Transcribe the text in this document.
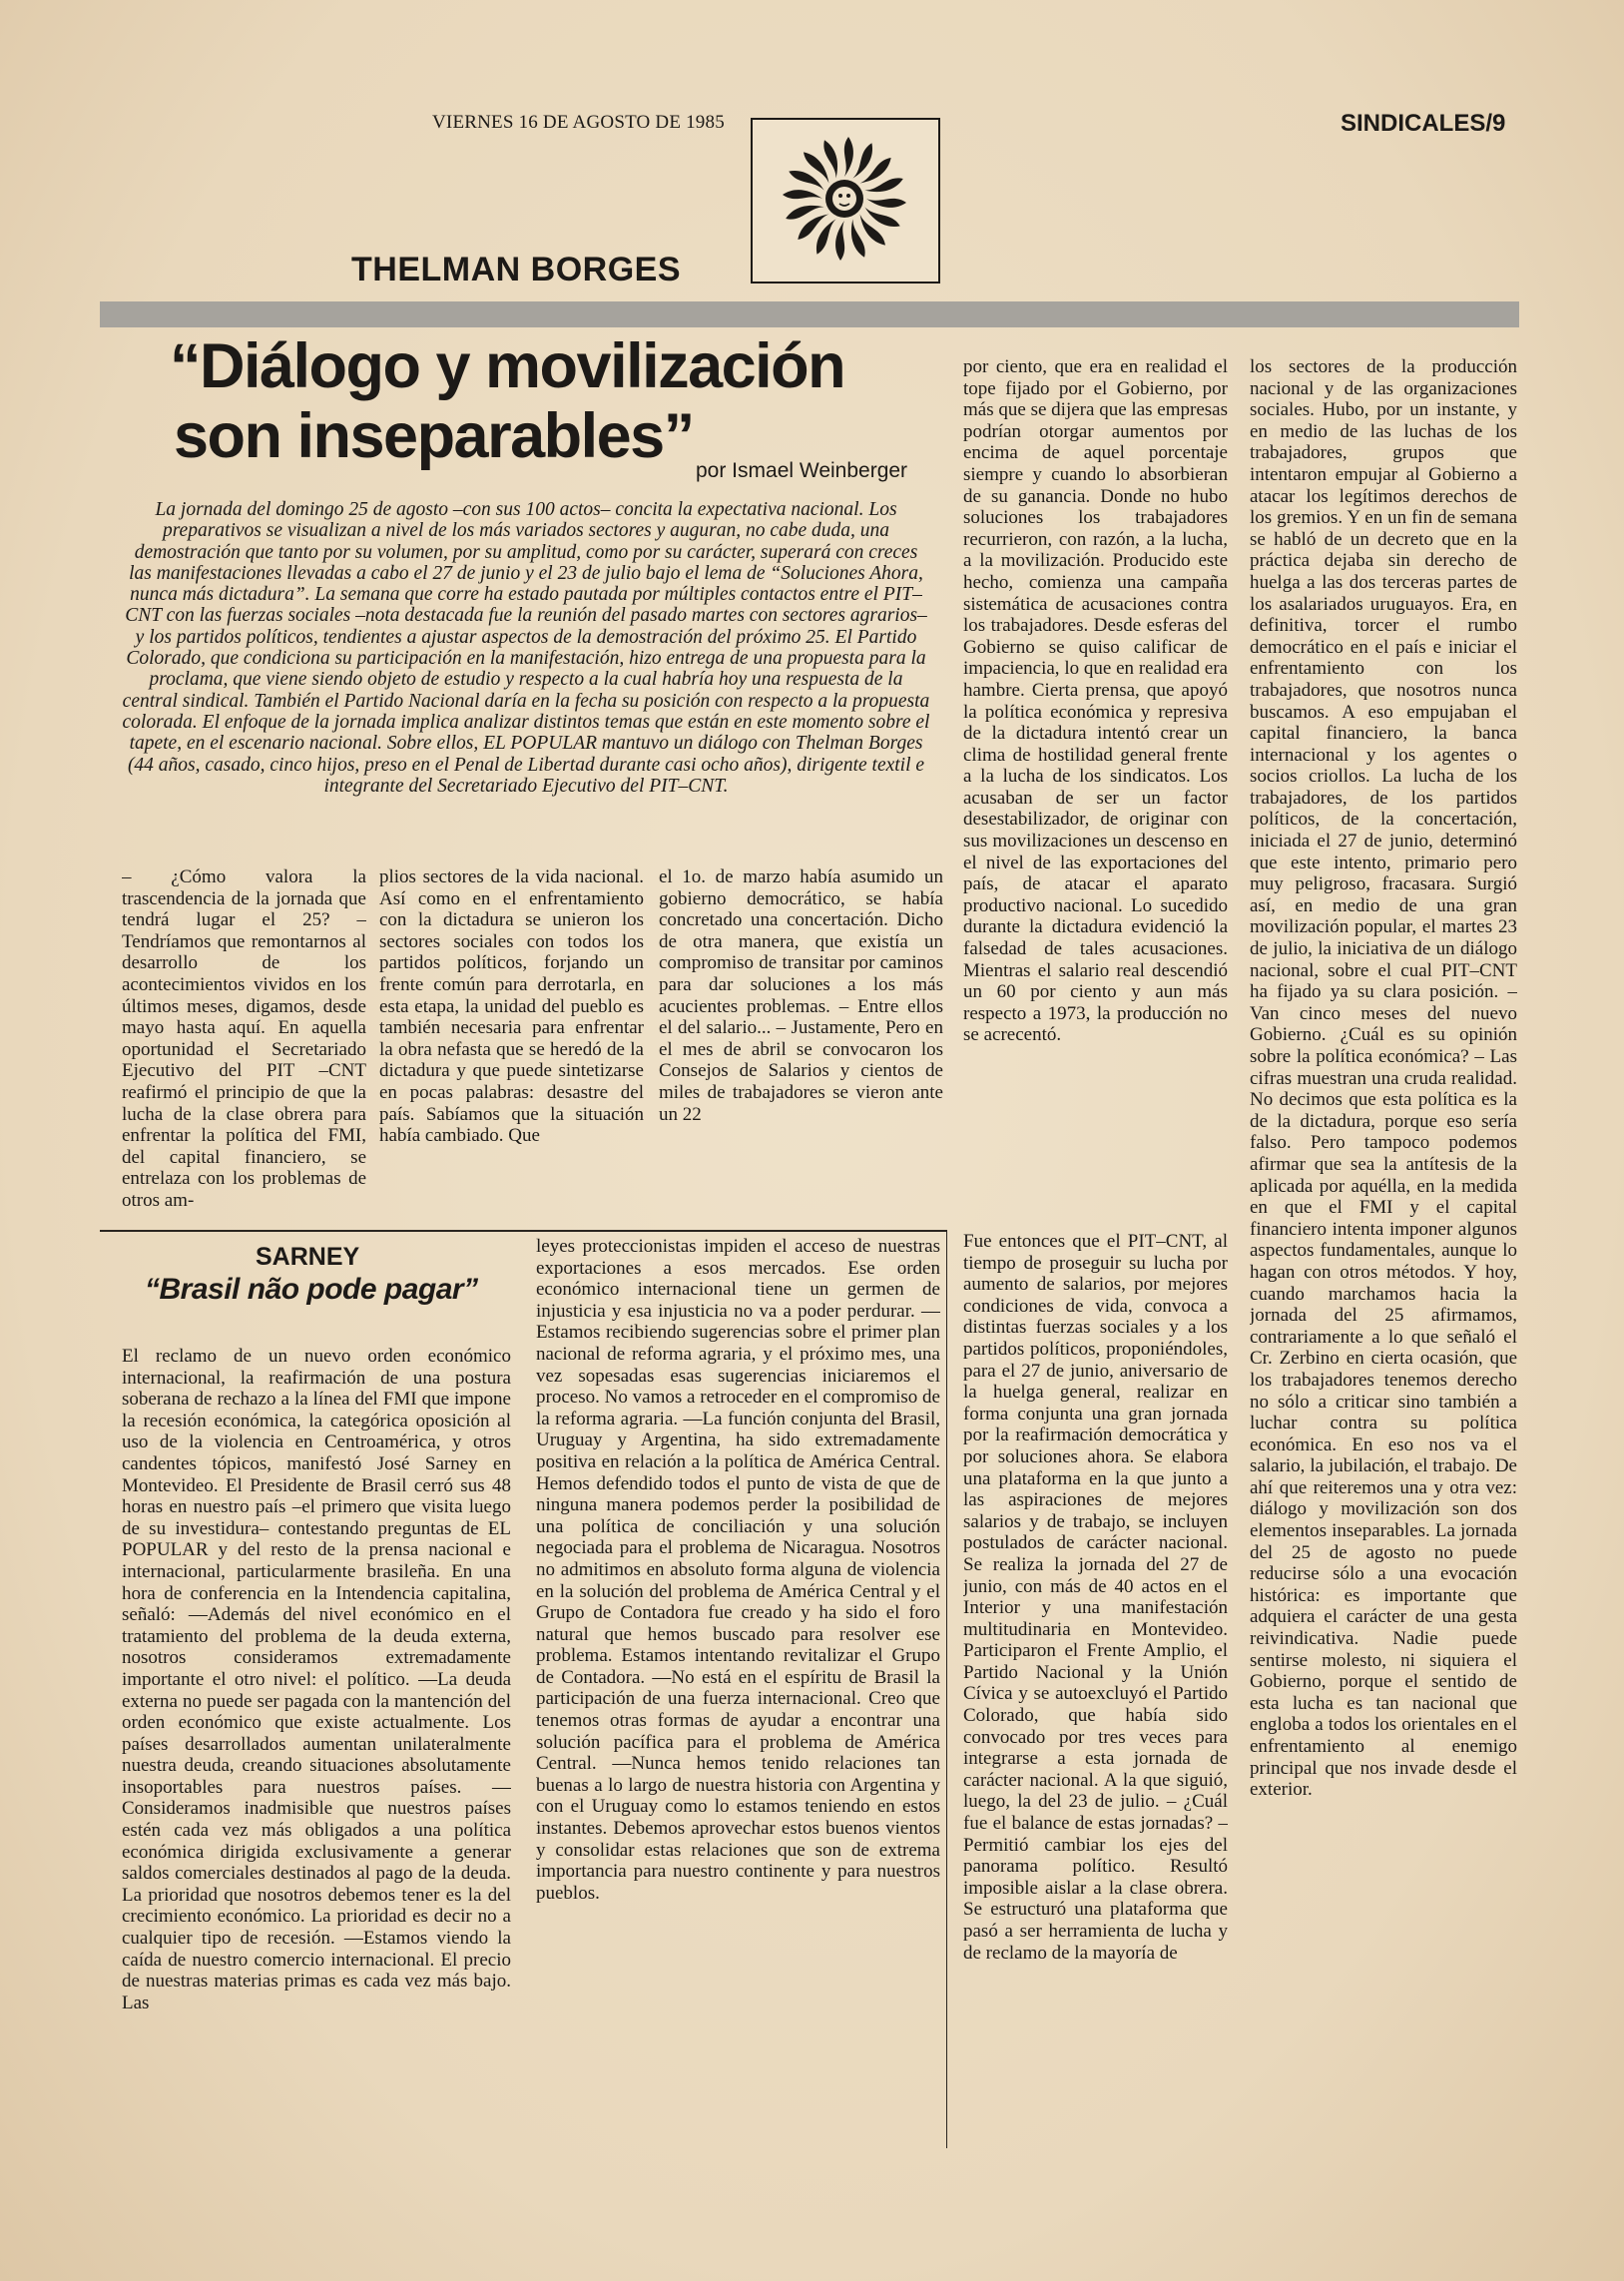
VIERNES 16 DE AGOSTO DE 1985	SINDICALES/9
THELMAN BORGES
“Diálogo y movilización
son inseparables” por Ismael Weinberger
La jornada del domingo 25 de agosto –con sus 100 actos– concita la expectativa nacional. Los preparativos se visualizan a nivel de los más variados sectores y auguran, no cabe duda, una demostración que tanto por su volumen, por su amplitud, como por su carácter, superará con creces las manifestaciones llevadas a cabo el 27 de junio y el 23 de julio bajo el lema de “Soluciones Ahora, nunca más dictadura”. La semana que corre ha estado pautada por múltiples contactos entre el PIT–CNT con las fuerzas sociales –nota destacada fue la reunión del pasado martes con sectores agrarios– y los partidos políticos, tendientes a ajustar aspectos de la demostración del próximo 25. El Partido Colorado, que condiciona su participación en la manifestación, hizo entrega de una propuesta para la proclama, que viene siendo objeto de estudio y respecto a la cual habría hoy una respuesta de la central sindical. También el Partido Nacional daría en la fecha su posición con respecto a la propuesta colorada. El enfoque de la jornada implica analizar distintos temas que están en este momento sobre el tapete, en el escenario nacional. Sobre ellos, EL POPULAR mantuvo un diálogo con Thelman Borges (44 años, casado, cinco hijos, preso en el Penal de Libertad durante casi ocho años), dirigente textil e integrante del Secretariado Ejecutivo del PIT–CNT.
– ¿Cómo valora la trascendencia de la jornada que tendrá lugar el 25? – Tendríamos que remontarnos al desarrollo de los acontecimientos vividos en los últimos meses, digamos, desde mayo hasta aquí. En aquella oportunidad el Secretariado Ejecutivo del PIT –CNT reafirmó el principio de que la lucha de la clase obrera para enfrentar la política del FMI, del capital financiero, se entrelaza con los problemas de otros am-
plios sectores de la vida nacional. Así como en el enfrentamiento con la dictadura se unieron los sectores sociales con todos los partidos políticos, forjando un frente común para derrotarla, en esta etapa, la unidad del pueblo es también necesaria para enfrentar la obra nefasta que se heredó de la dictadura y que puede sintetizarse en pocas palabras: desastre del país. Sabíamos que la situación había cambiado. Que
el 1o. de marzo había asumido un gobierno democrático, se había concretado una concertación. Dicho de otra manera, que existía un compromiso de transitar por caminos para dar soluciones a los más acucientes problemas. – Entre ellos el del salario... – Justamente, Pero en el mes de abril se convocaron los Consejos de Salarios y cientos de miles de trabajadores se vieron ante un 22
por ciento, que era en realidad el tope fijado por el Gobierno, por más que se dijera que las empresas podrían otorgar aumentos por encima de aquel porcentaje siempre y cuando lo absorbieran de su ganancia. Donde no hubo soluciones los trabajadores recurrieron, con razón, a la lucha, a la movilización. Producido este hecho, comienza una campaña sistemática de acusaciones contra los trabajadores. Desde esferas del Gobierno se quiso calificar de impaciencia, lo que en realidad era hambre. Cierta prensa, que apoyó la política económica y represiva de la dictadura intentó crear un clima de hostilidad general frente a la lucha de los sindicatos. Los acusaban de ser un factor desestabilizador, de originar con sus movilizaciones un descenso en el nivel de las exportaciones del país, de atacar el aparato productivo nacional. Lo sucedido durante la dictadura evidenció la falsedad de tales acusaciones. Mientras el salario real descendió un 60 por ciento y aun más respecto a 1973, la producción no se acrecentó.
Fue entonces que el PIT–CNT, al tiempo de proseguir su lucha por aumento de salarios, por mejores condiciones de vida, convoca a distintas fuerzas sociales y a los partidos políticos, proponiéndoles, para el 27 de junio, aniversario de la huelga general, realizar en forma conjunta una gran jornada por la reafirmación democrática y por soluciones ahora. Se elabora una plataforma en la que junto a las aspiraciones de mejores salarios y de trabajo, se incluyen postulados de carácter nacional. Se realiza la jornada del 27 de junio, con más de 40 actos en el Interior y una manifestación multitudinaria en Montevideo. Participaron el Frente Amplio, el Partido Nacional y la Unión Cívica y se autoexcluyó el Partido Colorado, que había sido convocado por tres veces para integrarse a esta jornada de carácter nacional. A la que siguió, luego, la del 23 de julio. – ¿Cuál fue el balance de estas jornadas? – Permitió cambiar los ejes del panorama político. Resultó imposible aislar a la clase obrera. Se estructuró una plataforma que pasó a ser herramienta de lucha y de reclamo de la mayoría de
los sectores de la producción nacional y de las organizaciones sociales. Hubo, por un instante, y en medio de las luchas de los trabajadores, grupos que intentaron empujar al Gobierno a atacar los legítimos derechos de los gremios. Y en un fin de semana se habló de un decreto que en la práctica dejaba sin derecho de huelga a las dos terceras partes de los asalariados uruguayos. Era, en definitiva, torcer el rumbo democrático en el país e iniciar el enfrentamiento con los trabajadores, que nosotros nunca buscamos. A eso empujaban el capital financiero, la banca internacional y los agentes o socios criollos. La lucha de los trabajadores, de los partidos políticos, de la concertación, iniciada el 27 de junio, determinó que este intento, primario pero muy peligroso, fracasara. Surgió así, en medio de una gran movilización popular, el martes 23 de julio, la iniciativa de un diálogo nacional, sobre el cual PIT–CNT ha fijado ya su clara posición. – Van cinco meses del nuevo Gobierno. ¿Cuál es su opinión sobre la política económica? – Las cifras muestran una cruda realidad. No decimos que esta política es la de la dictadura, porque eso sería falso. Pero tampoco podemos afirmar que sea la antítesis de la aplicada por aquélla, en la medida en que el FMI y el capital financiero intenta imponer algunos aspectos fundamentales, aunque lo hagan con otros métodos. Y hoy, cuando marchamos hacia la jornada del 25 afirmamos, contrariamente a lo que señaló el Cr. Zerbino en cierta ocasión, que los trabajadores tenemos derecho no sólo a criticar sino también a luchar contra su política económica. En eso nos va el salario, la jubilación, el trabajo. De ahí que reiteremos una y otra vez: diálogo y movilización son dos elementos inseparables. La jornada del 25 de agosto no puede reducirse sólo a una evocación histórica: es importante que adquiera el carácter de una gesta reivindicativa. Nadie puede sentirse molesto, ni siquiera el Gobierno, porque el sentido de esta lucha es tan nacional que engloba a todos los orientales en el enfrentamiento al enemigo principal que nos invade desde el exterior.
SARNEY
“Brasil não pode pagar”
El reclamo de un nuevo orden económico internacional, la reafirmación de una postura soberana de rechazo a la línea del FMI que impone la recesión económica, la categórica oposición al uso de la violencia en Centroamérica, y otros candentes tópicos, manifestó José Sarney en Montevideo. El Presidente de Brasil cerró sus 48 horas en nuestro país –el primero que visita luego de su investidura– contestando preguntas de EL POPULAR y del resto de la prensa nacional e internacional, particularmente brasileña. En una hora de conferencia en la Intendencia capitalina, señaló: —Además del nivel económico en el tratamiento del problema de la deuda externa, nosotros consideramos extremadamente importante el otro nivel: el político. —La deuda externa no puede ser pagada con la mantención del orden económico que existe actualmente. Los países desarrollados aumentan unilateralmente nuestra deuda, creando situaciones absolutamente insoportables para nuestros países. —Consideramos inadmisible que nuestros países estén cada vez más obligados a una política económica dirigida exclusivamente a generar saldos comerciales destinados al pago de la deuda. La prioridad que nosotros debemos tener es la del crecimiento económico. La prioridad es decir no a cualquier tipo de recesión. —Estamos viendo la caída de nuestro comercio internacional. El precio de nuestras materias primas es cada vez más bajo. Las
leyes proteccionistas impiden el acceso de nuestras exportaciones a esos mercados. Ese orden económico internacional tiene un germen de injusticia y esa injusticia no va a poder perdurar. —Estamos recibiendo sugerencias sobre el primer plan nacional de reforma agraria, y el próximo mes, una vez sopesadas esas sugerencias iniciaremos el proceso. No vamos a retroceder en el compromiso de la reforma agraria. —La función conjunta del Brasil, Uruguay y Argentina, ha sido extremadamente positiva en relación a la política de América Central. Hemos defendido todos el punto de vista de que de ninguna manera podemos perder la posibilidad de una política de conciliación y una solución negociada para el problema de Nicaragua. Nosotros no admitimos en absoluto forma alguna de violencia en la solución del problema de América Central y el Grupo de Contadora fue creado y ha sido el foro natural que hemos buscado para resolver ese problema. Estamos intentando revitalizar el Grupo de Contadora. —No está en el espíritu de Brasil la participación de una fuerza internacional. Creo que tenemos otras formas de ayudar a encontrar una solución pacífica para el problema de América Central. —Nunca hemos tenido relaciones tan buenas a lo largo de nuestra historia con Argentina y con el Uruguay como lo estamos teniendo en estos instantes. Debemos aprovechar estos buenos vientos y consolidar estas relaciones que son de extrema importancia para nuestro continente y para nuestros pueblos.
